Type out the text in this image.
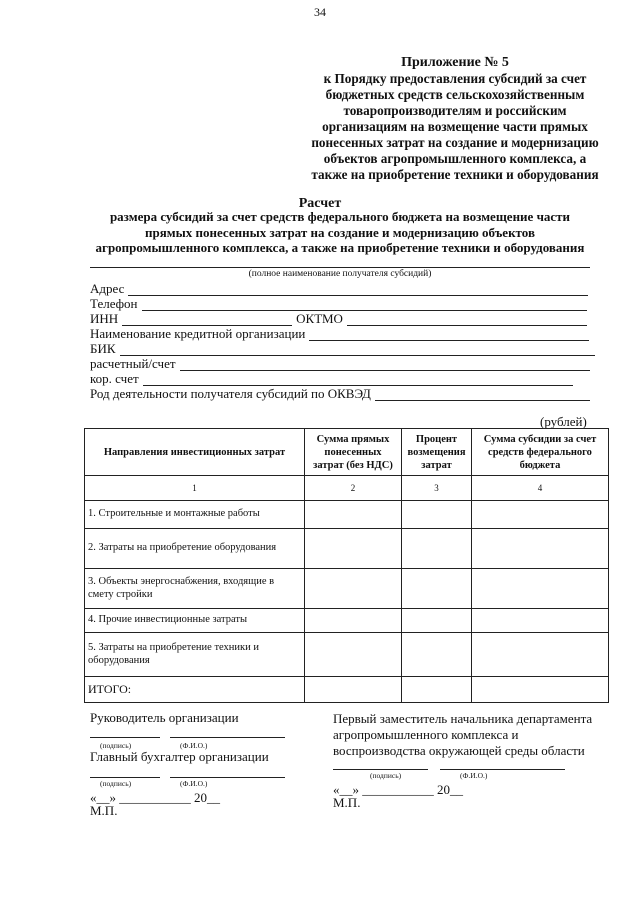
34
Приложение № 5
к Порядку предоставления субсидий за счет
бюджетных средств сельскохозяйственным
товаропроизводителям и российским
организациям на возмещение части прямых
понесенных затрат на создание и модернизацию
объектов агропромышленного комплекса, а
также на приобретение техники и оборудования
Расчет
размера субсидий за счет средств федерального бюджета на возмещение части
прямых понесенных затрат на создание и модернизацию объектов
агропромышленного комплекса, а также на приобретение техники и оборудования
(полное наименование получателя субсидий)
Адрес
Телефон
ИНН	ОКТМО
Наименование кредитной организации
БИК
расчетный/счет
кор. счет
Род деятельности получателя субсидий по ОКВЭД
(рублей)
Направления инвестиционных затрат	Сумма прямых понесенных затрат (без НДС)	Процент возмещения затрат	Сумма субсидии за счет средств федерального бюджета
1	2	3	4
1. Строительные и монтажные работы			
2. Затраты на приобретение оборудования			
3. Объекты энергоснабжения, входящие в смету стройки			
4. Прочие инвестиционные затраты			
5. Затраты на приобретение техники и оборудования			
ИТОГО:			
Руководитель организации
(подпись)	(Ф.И.О.)
Главный бухгалтер организации
(подпись)	(Ф.И.О.)
«__» ___________ 20__
М.П.
Первый заместитель начальника департамента
агропромышленного комплекса и
воспроизводства окружающей среды области
(подпись)	(Ф.И.О.)
«__» ___________ 20__
М.П.
